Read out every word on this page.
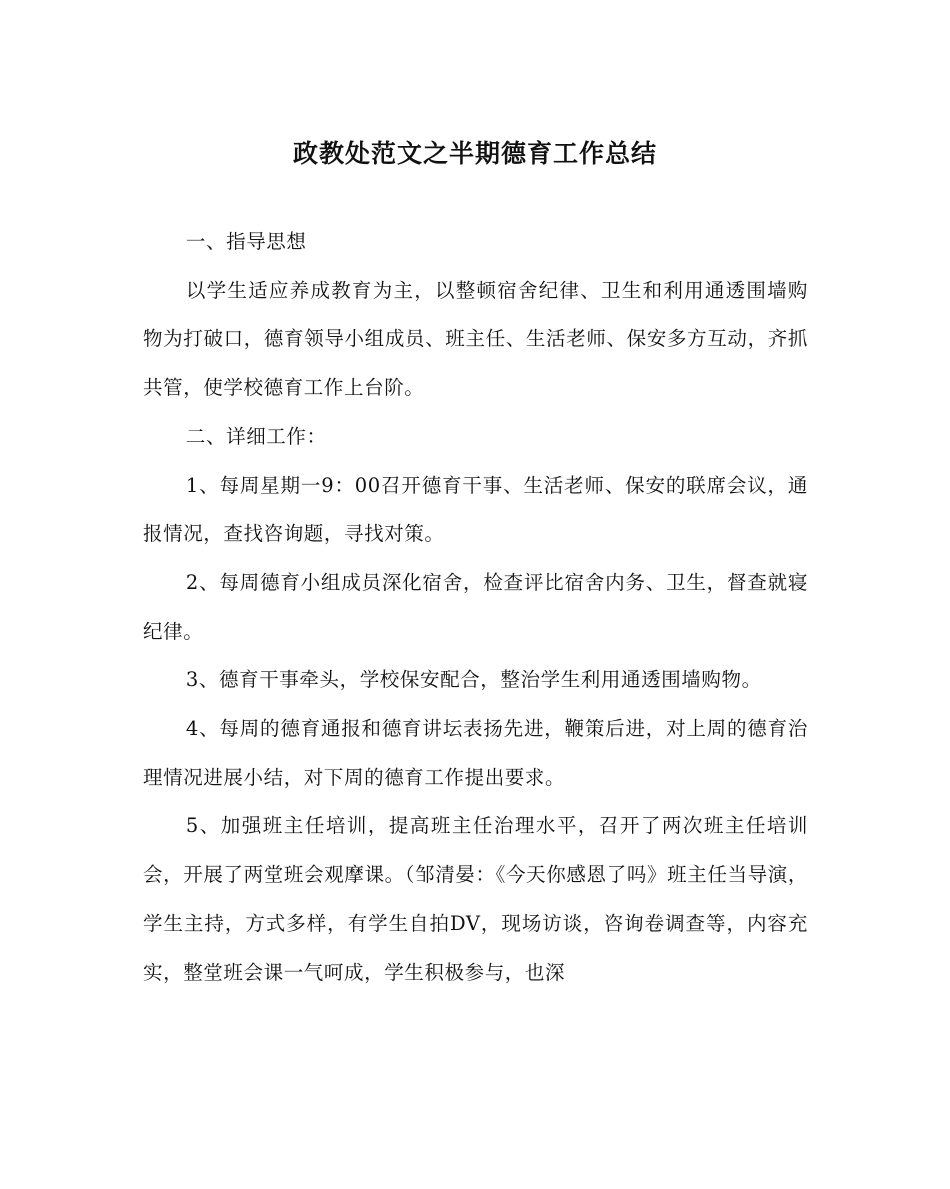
政教处范文之半期德育工作总结

一、指导思想

以学生适应养成教育为主，以整顿宿舍纪律、卫生和利用通透围墙购物为打破口，德育领导小组成员、班主任、生活老师、保安多方互动，齐抓共管，使学校德育工作上台阶。

二、详细工作：

1、每周星期一9：00召开德育干事、生活老师、保安的联席会议，通报情况，查找咨询题，寻找对策。

2、每周德育小组成员深化宿舍，检查评比宿舍内务、卫生，督查就寝纪律。

3、德育干事牵头，学校保安配合，整治学生利用通透围墙购物。

4、每周的德育通报和德育讲坛表扬先进，鞭策后进，对上周的德育治理情况进展小结，对下周的德育工作提出要求。

5、加强班主任培训，提高班主任治理水平，召开了两次班主任培训会，开展了两堂班会观摩课。（邹清晏：《今天你感恩了吗》班主任当导演，学生主持，方式多样，有学生自拍DV，现场访谈，咨询卷调查等，内容充实，整堂班会课一气呵成，学生积极参与，也深
